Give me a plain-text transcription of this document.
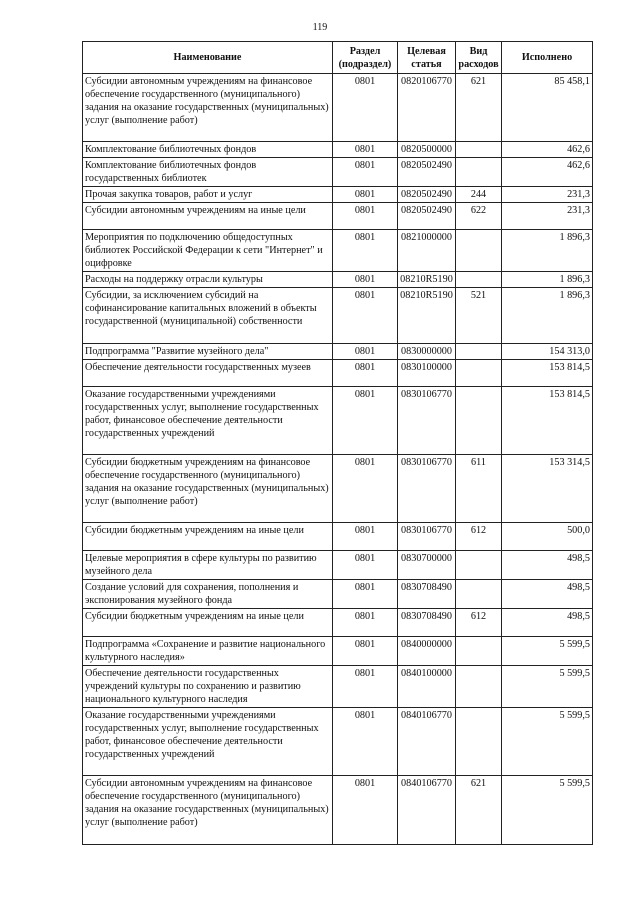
119
Наименование	Раздел (подраздел)	Целевая статья	Вид расходов	Исполнено
Субсидии автономным учреждениям на финансовое обеспечение государственного (муниципального) задания на оказание государственных (муниципальных) услуг (выполнение работ)	0801	0820106770	621	85 458,1
Комплектование библиотечных фондов	0801	0820500000		462,6
Комплектование библиотечных фондов государственных библиотек	0801	0820502490		462,6
Прочая закупка товаров, работ и услуг	0801	0820502490	244	231,3
Субсидии автономным учреждениям на иные цели	0801	0820502490	622	231,3
Мероприятия по подключению общедоступных библиотек Российской Федерации к сети "Интернет" и оцифровке	0801	0821000000		1 896,3
Расходы на поддержку отрасли культуры	0801	08210R5190		1 896,3
Субсидии, за исключением субсидий на софинансирование капитальных вложений в объекты государственной (муниципальной) собственности	0801	08210R5190	521	1 896,3
Подпрограмма "Развитие музейного дела"	0801	0830000000		154 313,0
Обеспечение деятельности государственных музеев	0801	0830100000		153 814,5
Оказание государственными учреждениями государственных услуг, выполнение государственных работ, финансовое обеспечение деятельности государственных учреждений	0801	0830106770		153 814,5
Субсидии бюджетным учреждениям на финансовое обеспечение государственного (муниципального) задания на оказание государственных (муниципальных) услуг (выполнение работ)	0801	0830106770	611	153 314,5
Субсидии бюджетным учреждениям на иные цели	0801	0830106770	612	500,0
Целевые мероприятия в сфере культуры по развитию музейного дела	0801	0830700000		498,5
Создание условий для сохранения, пополнения и экспонирования музейного фонда	0801	0830708490		498,5
Субсидии бюджетным учреждениям на иные цели	0801	0830708490	612	498,5
Подпрограмма «Сохранение и развитие национального культурного наследия»	0801	0840000000		5 599,5
Обеспечение деятельности государственных учреждений культуры по сохранению и развитию национального культурного наследия	0801	0840100000		5 599,5
Оказание государственными учреждениями государственных услуг, выполнение государственных работ, финансовое обеспечение деятельности государственных учреждений	0801	0840106770		5 599,5
Субсидии автономным учреждениям на финансовое обеспечение государственного (муниципального) задания на оказание государственных (муниципальных) услуг (выполнение работ)	0801	0840106770	621	5 599,5
